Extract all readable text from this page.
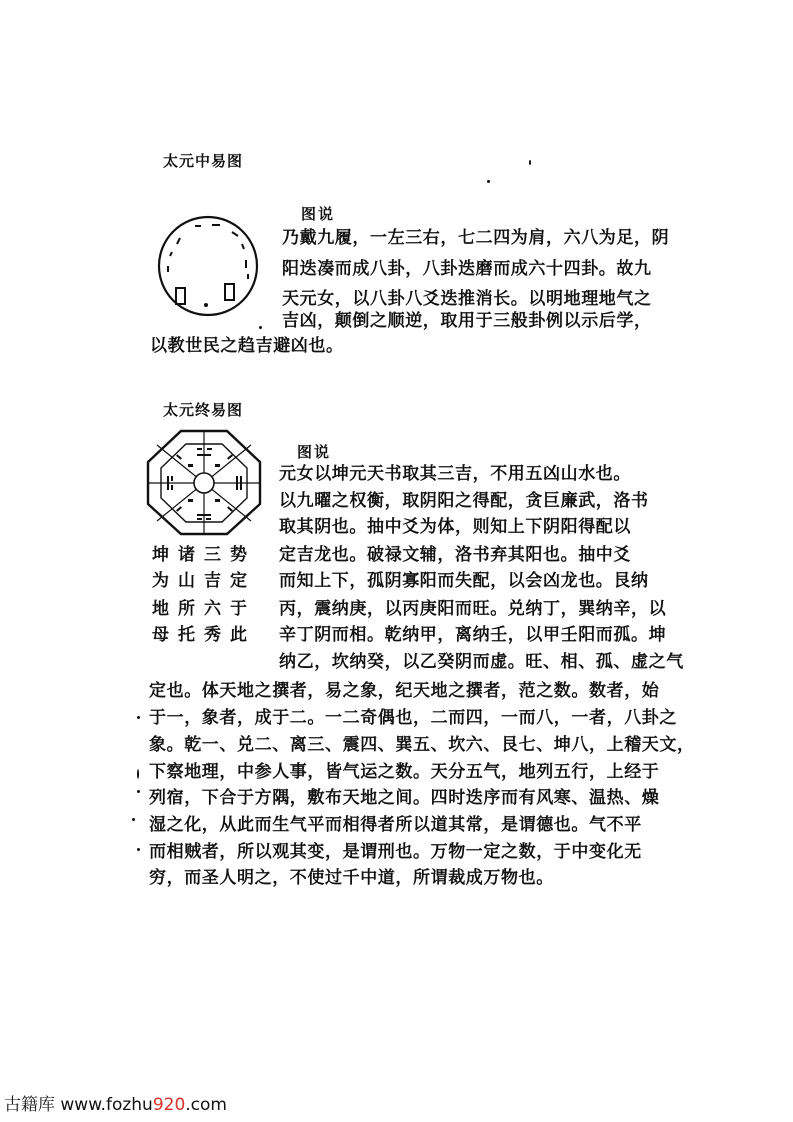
太元中易图
图说
乃戴九履，一左三右，七二四为肩，六八为足，阴
阳迭凑而成八卦，八卦迭磨而成六十四卦。故九
天元女，以八卦八爻迭推消长。以明地理地气之
吉凶，颠倒之顺逆，取用于三般卦例以示后学，
以教世民之趋吉避凶也。
太元终易图
图说
坤诸三势
为山吉定
地所六于
母托秀此
元女以坤元天书取其三吉，不用五凶山水也。
以九曜之权衡，取阴阳之得配，贪巨廉武，洛书
取其阴也。抽中爻为体，则知上下阴阳得配以
定吉龙也。破禄文辅，洛书弃其阳也。抽中爻
而知上下，孤阴寡阳而失配，以会凶龙也。艮纳
丙，震纳庚，以丙庚阳而旺。兑纳丁，巽纳辛，以
辛丁阴而相。乾纳甲，离纳壬，以甲壬阳而孤。坤
纳乙，坎纳癸，以乙癸阴而虚。旺、相、孤、虚之气
定也。体天地之撰者，易之象，纪天地之撰者，范之数。数者，始
于一，象者，成于二。一二奇偶也，二而四，一而八，一者，八卦之
象。乾一、兑二、离三、震四、巽五、坎六、艮七、坤八，上稽天文，
下察地理，中参人事，皆气运之数。天分五气，地列五行，上经于
列宿，下合于方隅，敷布天地之间。四时迭序而有风寒、温热、燥
湿之化，从此而生气平而相得者所以道其常，是谓德也。气不平
而相贼者，所以观其变，是谓刑也。万物一定之数，于中变化无
穷，而圣人明之，不使过千中道，所谓裁成万物也。
古籍库 www.fozhu920.com
